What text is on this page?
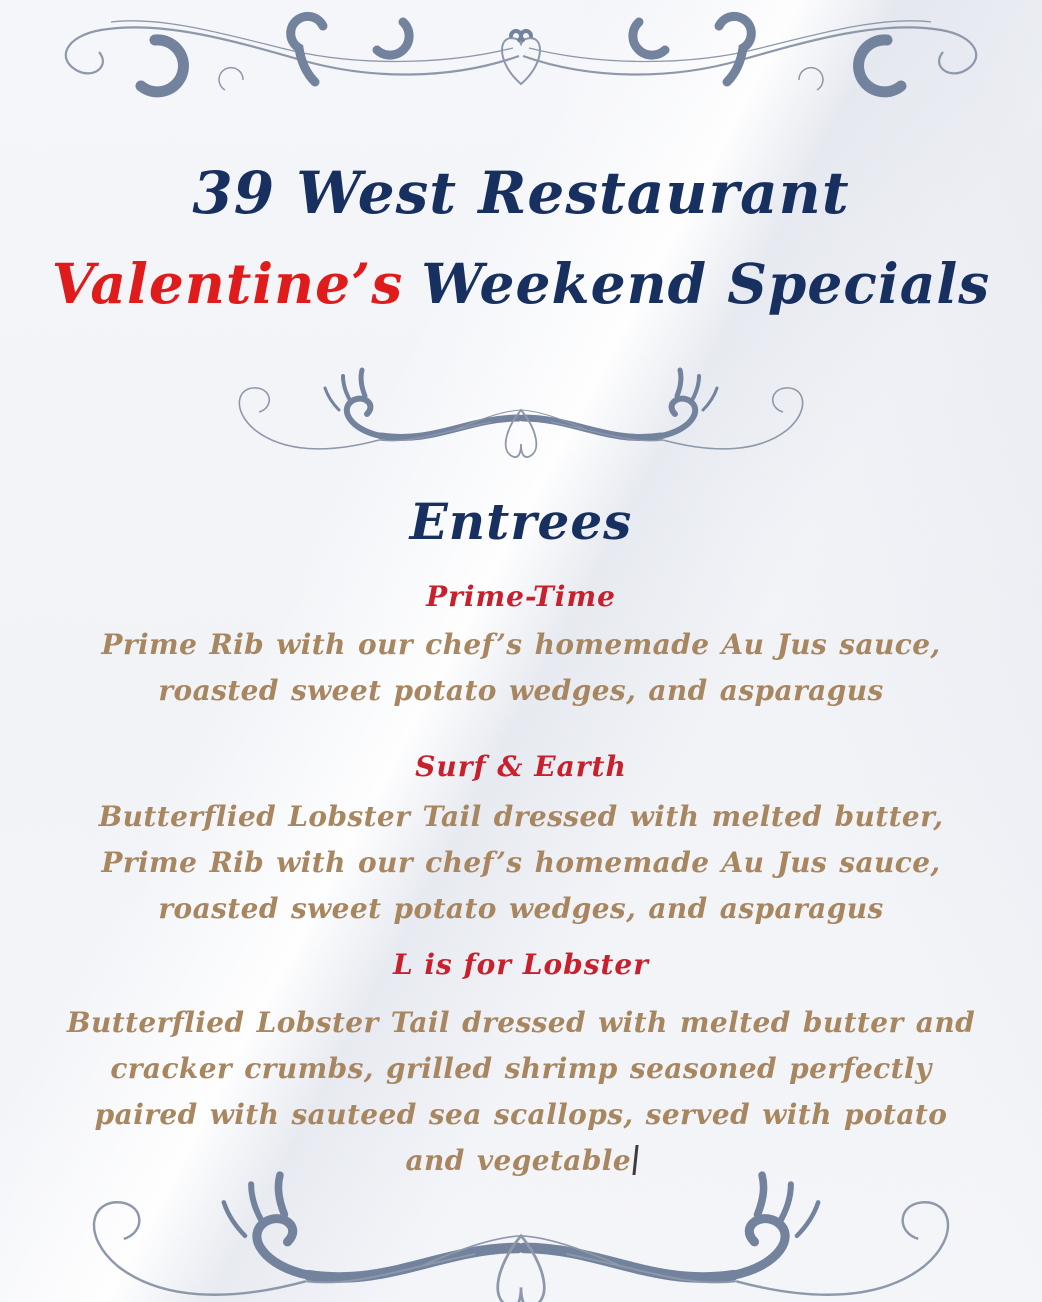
39 West Restaurant
Valentine’s Weekend Specials
Entrees
Prime-Time
Prime Rib with our chef’s homemade Au Jus sauce, roasted sweet potato wedges, and asparagus
Surf & Earth
Butterflied Lobster Tail dressed with melted butter, Prime Rib with our chef’s homemade Au Jus sauce, roasted sweet potato wedges, and asparagus
L is for Lobster
Butterflied Lobster Tail dressed with melted butter and cracker crumbs, grilled shrimp seasoned perfectly paired with sauteed sea scallops, served with potato and vegetable
